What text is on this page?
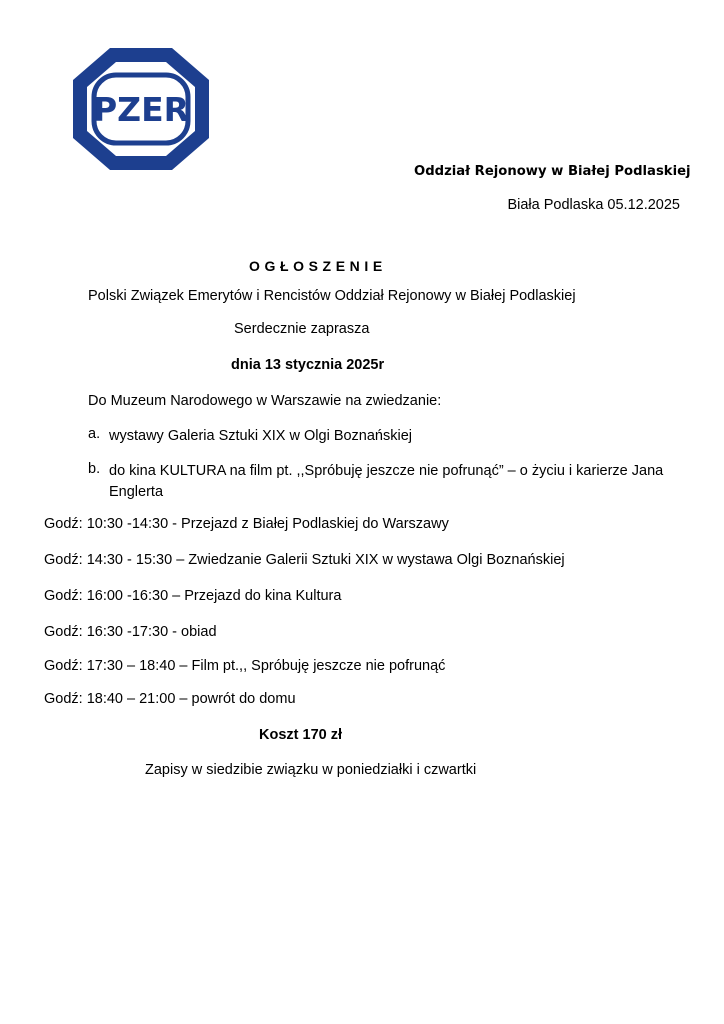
PZER
Oddział Rejonowy w Białej Podlaskiej
Biała Podlaska 05.12.2025
OGŁOSZENIE
Polski Związek Emerytów i Rencistów Oddział Rejonowy w Białej Podlaskiej
Serdecznie zaprasza
dnia 13 stycznia 2025r
Do Muzeum Narodowego w Warszawie na zwiedzanie:
a. wystawy Galeria Sztuki XIX w Olgi Boznańskiej
b. do kina KULTURA na film pt. ,,Spróbuję jeszcze nie pofrunąć” – o życiu i karierze Jana Englerta
Godź: 10:30 -14:30 - Przejazd z Białej Podlaskiej do Warszawy
Godź: 14:30 - 15:30 – Zwiedzanie Galerii Sztuki XIX w wystawa Olgi Boznańskiej
Godź: 16:00 -16:30 – Przejazd do kina Kultura
Godź: 16:30 -17:30 - obiad
Godź: 17:30 – 18:40 – Film pt.,, Spróbuję jeszcze nie pofrunąć
Godź: 18:40 – 21:00 – powrót do domu
Koszt 170 zł
Zapisy w siedzibie związku w poniedziałki i czwartki
